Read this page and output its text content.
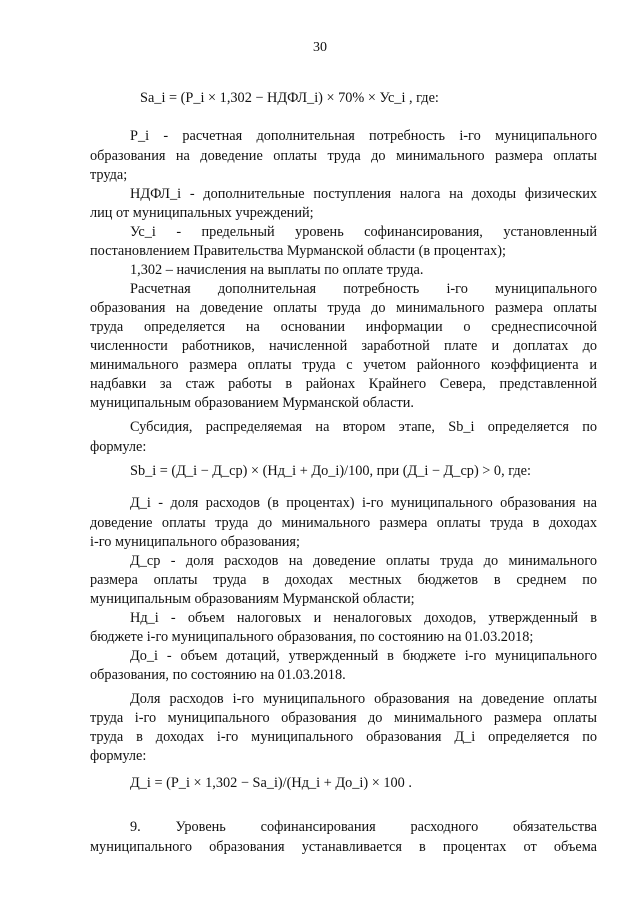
30
Sa_i = (P_i × 1,302 − НДФЛ_i) × 70% × Ус_i , где:
P_i - расчетная дополнительная потребность i-го муниципального
образования на доведение оплаты труда до минимального размера оплаты
труда;
НДФЛ_i - дополнительные поступления налога на доходы физических
лиц от муниципальных учреждений;
Ус_i - предельный уровень софинансирования, установленный
постановлением Правительства Мурманской области (в процентах);
1,302 – начисления на выплаты по оплате труда.
Расчетная дополнительная потребность i-го муниципального
образования на доведение оплаты труда до минимального размера оплаты
труда определяется на основании информации о среднесписочной
численности работников, начисленной заработной плате и доплатах до
минимального размера оплаты труда с учетом районного коэффициента и
надбавки за стаж работы в районах Крайнего Севера, представленной
муниципальным образованием Мурманской области.
Субсидия, распределяемая на втором этапе, Sb_i определяется по
формуле:
Sb_i = (Д_i − Д_ср) × (Нд_i + До_i)/100, при (Д_i − Д_ср) > 0, где:
Д_i - доля расходов (в процентах) i-го муниципального образования на
доведение оплаты труда до минимального размера оплаты труда в доходах
i-го муниципального образования;
Д_ср - доля расходов на доведение оплаты труда до минимального
размера оплаты труда в доходах местных бюджетов в среднем по
муниципальным образованиям Мурманской области;
Нд_i - объем налоговых и неналоговых доходов, утвержденный в
бюджете i-го муниципального образования, по состоянию на 01.03.2018;
До_i - объем дотаций, утвержденный в бюджете i-го муниципального
образования, по состоянию на 01.03.2018.
Доля расходов i-го муниципального образования на доведение оплаты
труда i-го муниципального образования до минимального размера оплаты
труда в доходах i-го муниципального образования Д_i определяется по
формуле:
Д_i = (P_i × 1,302 − Sa_i)/(Нд_i + До_i) × 100 .
9. Уровень софинансирования расходного обязательства
муниципального образования устанавливается в процентах от объема
